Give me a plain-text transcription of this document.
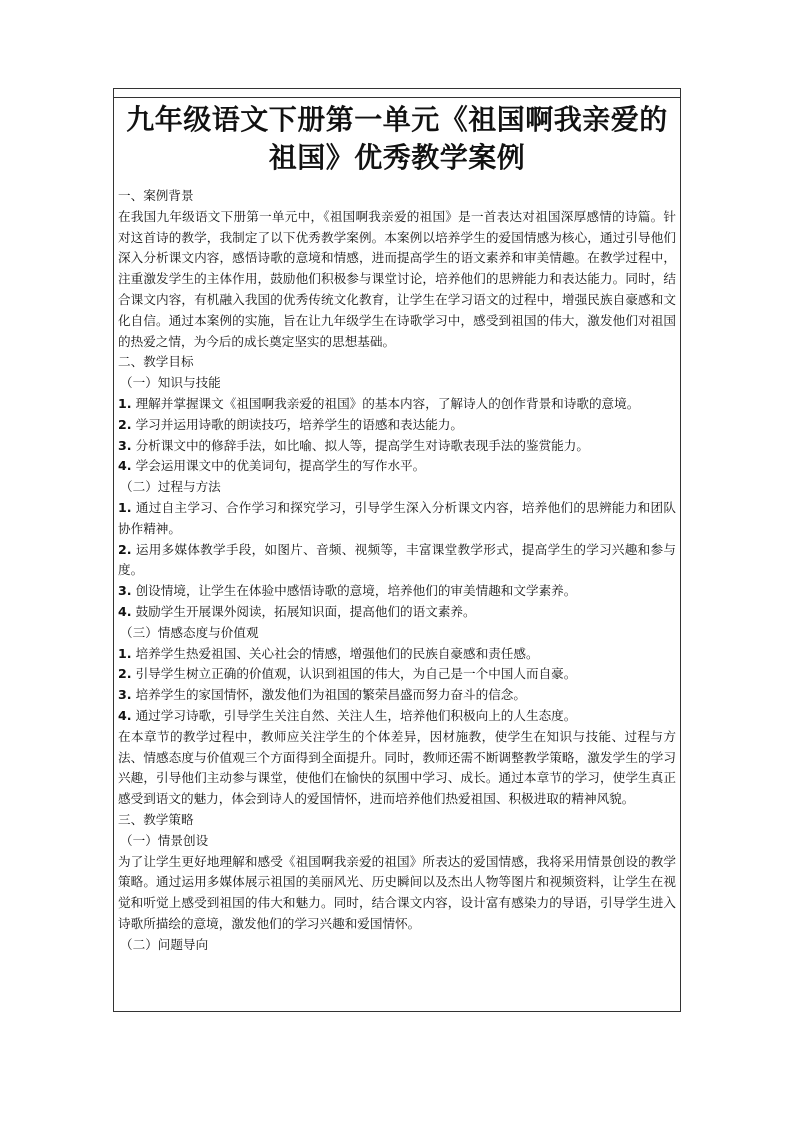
九年级语文下册第一单元《祖国啊我亲爱的
祖国》优秀教学案例

一、案例背景

在我国九年级语文下册第一单元中，《祖国啊我亲爱的祖国》是一首表达对祖国深厚感情的诗篇。针对这首诗的教学，我制定了以下优秀教学案例。本案例以培养学生的爱国情感为核心，通过引导他们深入分析课文内容，感悟诗歌的意境和情感，进而提高学生的语文素养和审美情趣。在教学过程中，注重激发学生的主体作用，鼓励他们积极参与课堂讨论，培养他们的思辨能力和表达能力。同时，结合课文内容，有机融入我国的优秀传统文化教育，让学生在学习语文的过程中，增强民族自豪感和文化自信。通过本案例的实施，旨在让九年级学生在诗歌学习中，感受到祖国的伟大，激发他们对祖国的热爱之情，为今后的成长奠定坚实的思想基础。

二、教学目标

（一）知识与技能

1. 理解并掌握课文《祖国啊我亲爱的祖国》的基本内容，了解诗人的创作背景和诗歌的意境。

2. 学习并运用诗歌的朗读技巧，培养学生的语感和表达能力。

3. 分析课文中的修辞手法，如比喻、拟人等，提高学生对诗歌表现手法的鉴赏能力。

4. 学会运用课文中的优美词句，提高学生的写作水平。

（二）过程与方法

1. 通过自主学习、合作学习和探究学习，引导学生深入分析课文内容，培养他们的思辨能力和团队协作精神。

2. 运用多媒体教学手段，如图片、音频、视频等，丰富课堂教学形式，提高学生的学习兴趣和参与度。

3. 创设情境，让学生在体验中感悟诗歌的意境，培养他们的审美情趣和文学素养。

4. 鼓励学生开展课外阅读，拓展知识面，提高他们的语文素养。

（三）情感态度与价值观

1. 培养学生热爱祖国、关心社会的情感，增强他们的民族自豪感和责任感。

2. 引导学生树立正确的价值观，认识到祖国的伟大，为自己是一个中国人而自豪。

3. 培养学生的家国情怀，激发他们为祖国的繁荣昌盛而努力奋斗的信念。

4. 通过学习诗歌，引导学生关注自然、关注人生，培养他们积极向上的人生态度。

在本章节的教学过程中，教师应关注学生的个体差异，因材施教，使学生在知识与技能、过程与方法、情感态度与价值观三个方面得到全面提升。同时，教师还需不断调整教学策略，激发学生的学习兴趣，引导他们主动参与课堂，使他们在愉快的氛围中学习、成长。通过本章节的学习，使学生真正感受到语文的魅力，体会到诗人的爱国情怀，进而培养他们热爱祖国、积极进取的精神风貌。

三、教学策略

（一）情景创设

为了让学生更好地理解和感受《祖国啊我亲爱的祖国》所表达的爱国情感，我将采用情景创设的教学策略。通过运用多媒体展示祖国的美丽风光、历史瞬间以及杰出人物等图片和视频资料，让学生在视觉和听觉上感受到祖国的伟大和魅力。同时，结合课文内容，设计富有感染力的导语，引导学生进入诗歌所描绘的意境，激发他们的学习兴趣和爱国情怀。

（二）问题导向
